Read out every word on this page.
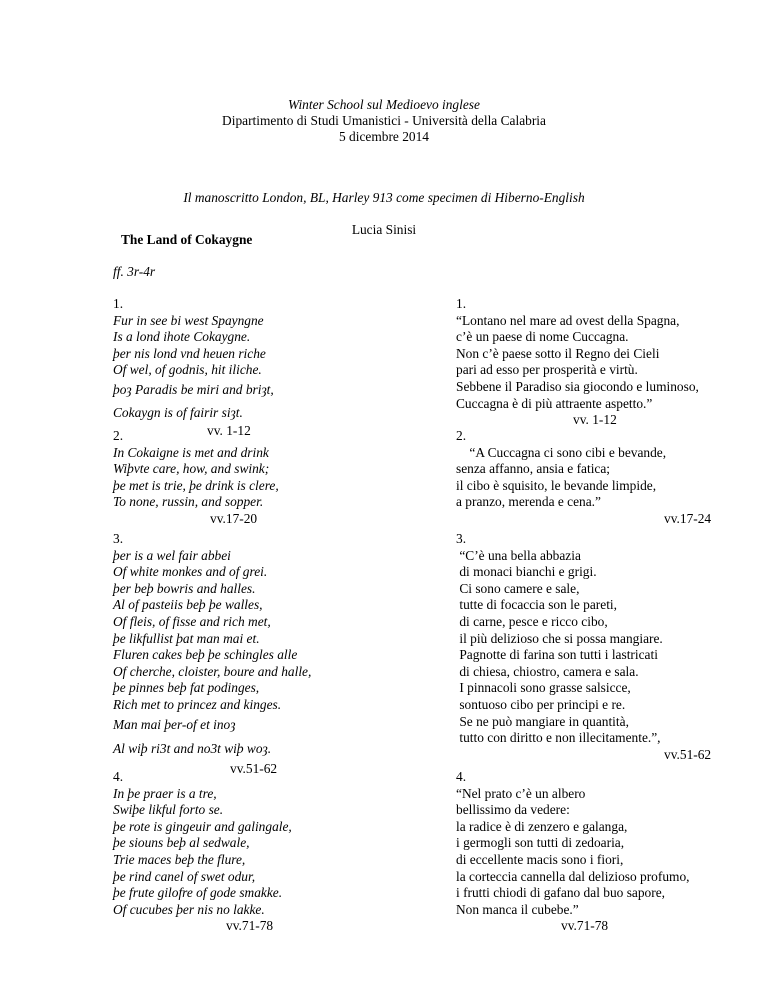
Winter School sul Medioevo inglese
Dipartimento di Studi Umanistici - Università della Calabria
5 dicembre 2014
Il manoscritto London, BL, Harley 913 come specimen di Hiberno-English
Lucia Sinisi
The Land of Cokaygne
ff. 3r-4r
1.
Fur in see bi west Spayngne
Is a lond ihote Cokaygne.
þer nis lond vnd heuen riche
Of wel, of godnis, hit iliche.
þoȝ Paradis be miri and briȝt,
Cokaygn is of fairir siȝt.
vv. 1-12
1.
“Lontano nel mare ad ovest della Spagna,
c’è un paese di nome Cuccagna.
Non c’è paese sotto il Regno dei Cieli
pari ad esso per prosperità e virtù.
Sebbene il Paradiso sia giocondo e luminoso,
Cuccagna è di più attraente aspetto.”
vv. 1-12
2.
In Cokaigne is met and drink
Wiþvte care, how, and swink;
þe met is trie, þe drink is clere,
To none, russin, and sopper.
vv.17-20
2.
“A Cuccagna ci sono cibi e bevande,
senza affanno, ansia e fatica;
il cibo è squisito, le bevande limpide,
a pranzo, merenda e cena.”
vv.17-24
3.
þer is a wel fair abbei
Of white monkes and of grei.
þer beþ bowris and halles.
Al of pasteiis beþ þe walles,
Of fleis, of fisse and rich met,
þe likfullist þat man mai et.
Fluren cakes beþ þe schingles alle
Of cherche, cloister, boure and halle,
þe pinnes beþ fat podinges,
Rich met to princez and kinges.
Man mai þer-of et inoȝ
Al wiþ ri3t and no3t wiþ woȝ.
vv.51-62
3.
“C’è una bella abbazia
di monaci bianchi e grigi.
Ci sono camere e sale,
tutte di focaccia son le pareti,
di carne, pesce e ricco cibo,
il più delizioso che si possa mangiare.
Pagnotte di farina son tutti i lastricati
di chiesa, chiostro, camera e sala.
I pinnacoli sono grasse salsicce,
sontuoso cibo per principi e re.
Se ne può mangiare in quantità,
tutto con diritto e non illecitamente.”,
vv.51-62
4.
In þe praer is a tre,
Swiþe likful forto se.
þe rote is gingeuir and galingale,
þe siouns beþ al sedwale,
Trie maces beþ the flure,
þe rind canel of swet odur,
þe frute gilofre of gode smakke.
Of cucubes þer nis no lakke.
vv.71-78
4.
“Nel prato c’è un albero
bellissimo da vedere:
la radice è di zenzero e galanga,
i germogli son tutti di zedoaria,
di eccellente macis sono i fiori,
la corteccia cannella dal delizioso profumo,
i frutti chiodi di gafano dal buo sapore,
Non manca il cubebe.”
vv.71-78
